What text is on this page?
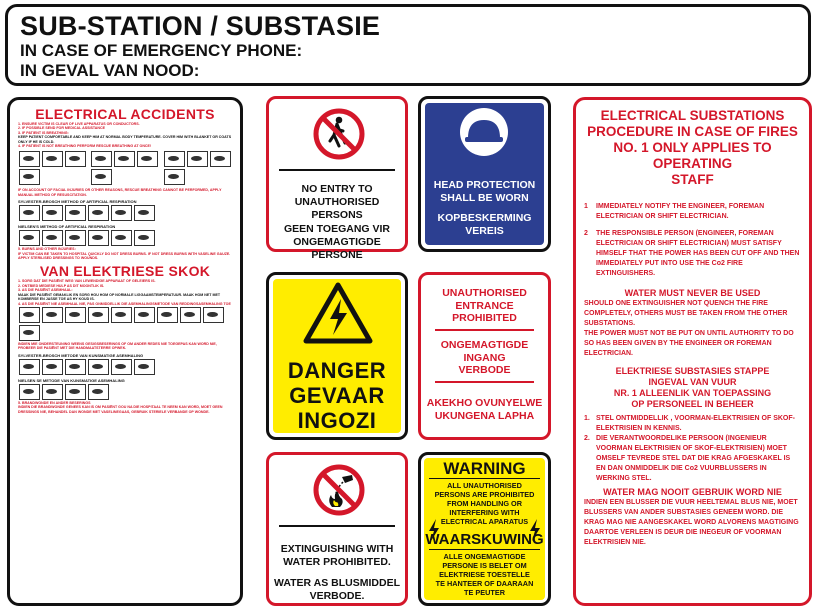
SUB-STATION / SUBSTASIE
IN CASE OF EMERGENCY PHONE:
IN GEVAL VAN NOOD:
ELECTRICAL ACCIDENTS
1. ENSURE VICTIM IS CLEAR OF LIVE APPARATUS OR CONDUCTORS.
2. IF POSSIBLE SEND FOR MEDICAL ASSISTANCE
3. IF PATIENT IS BREATHING:
KEEP PATIENT COMFORTABLE AND KEEP HIM AT NORMAL BODY TEMPERATURE. COVER HIM WITH BLANKET OR COATS ONLY IF HE IS COLD.
4. IF PATIENT IS NOT BREATHING PERFORM RESCUE BREATHING AT ONCE!
IF ON ACCOUNT OF FACIAL INJURIES OR OTHER REASONS, RESCUE BREATHING CANNOT BE PERFORMED, APPLY MANUAL METHOD OF RESUSCITATION.
SYLVESTER-BROSCH METHOD OF ARTIFICIAL RESPIRATION
NIELSEN'S METHOD OF ARTIFICIAL RESPIRATION
5. BURNS AND OTHER INJURIES:
IF VICTIM CAN BE TAKEN TO HOSPITAL QUICKLY DO NOT DRESS BURNS. IF NOT DRESS BURNS WITH VASELINE GAUZE. APPLY STERILISED DRESSINGS TO WOUNDS.
VAN ELEKTRIESE SKOK
1. SORG DAT DIE PASIËNT WEG VAN LEWENDIGE APPARAAT OF GELEIERS IS.
2. ONTBIED MEDIESE HULP AS DIT MOONTLIK IS.
3. AS DIE PASIËNT ASEMHAAL:
MAAK DIE PASIËNT GEMAKLIK EN SORG HOU HOM OP NORMALE LIGGAAMSTEMPERATUUR. MAAK HOM NET MET KOMBERSE EN JASSE TOE AS HY KOUD IS.
4. AS DIE PASIËNT NIE ASEMHAAL NIE, PAS ONMIDDELLIK DIE ASEMHALINGSMETODE VAN REDDINGSASEMHALING TOE
INDIEN MIE ONDERSTEUNING WEENS GESIGSBESERINGS OF OM ANDER REDES NIE TOEGEPAS KAN WORD NIE, PROBEER DIE PASIËNT MET DIE HANDMAATSTERRE OPWEK.
SYLVESTER-BROSCH METODE VAN KUNSMATIGE ASEMHALING
NIELSEN SE METODE VAN KUNSMATIGE ASEMHALING
5. BRANDWONDE EN ANDER BESERINGS
INDIEN DIE BRANDWONDE GENEES KAN IS OM PASIËNT GOU NA DIE HOSPITAAL TE NEEM KAN WORD, MOET GEEN DRESSINGS NIE, BEHANDEL DAN WONDE MET VASELINEGAAS, GEBRUIK STERIELE VERBANDE OP WONDE.
NO ENTRY TO
UNAUTHORISED
PERSONS
GEEN TOEGANG VIR
ONGEMAGTIGDE PERSONE
HEAD PROTECTION
SHALL BE WORN
KOPBESKERMING
VEREIS
DANGER
GEVAAR
INGOZI
UNAUTHORISED
ENTRANCE
PROHIBITED
ONGEMAGTIGDE
INGANG
VERBODE
AKEKHO OVUNYELWE
UKUNGENA LAPHA
EXTINGUISHING WITH
WATER PROHIBITED.
WATER AS BLUSMIDDEL
VERBODE.
WARNING
ALL UNAUTHORISED
PERSONS ARE PROHIBITED
FROM HANDLING OR
INTERFERING WITH
ELECTRICAL APARATUS
WAARSKUWING
ALLE ONGEMAGTIGDE
PERSONE IS BELET OM
ELEKTRIESE TOESTELLE
TE HANTEER OF DAARAAN
TE PEUTER
ELECTRICAL SUBSTATIONS
PROCEDURE IN CASE OF FIRES
NO. 1 ONLY APPLIES TO OPERATING
STAFF
1	IMMEDIATELY NOTIFY THE ENGINEER, FOREMAN ELECTRICIAN OR SHIFT ELECTRICIAN.
2	THE RESPONSIBLE PERSON (ENGINEER, FOREMAN ELECTRICIAN OR SHIFT ELECTRICIAN) MUST SATISFY HIMSELF THAT THE POWER HAS BEEN CUT OFF AND THEN IMMEDIATELY PUT INTO USE THE Co2 FIRE EXTINGUISHERS.
WATER MUST NEVER BE USED
SHOULD ONE EXTINGUISHER NOT QUENCH THE FIRE COMPLETELY, OTHERS MUST BE TAKEN FROM THE OTHER SUBSTATIONS.
THE POWER MUST NOT BE PUT ON UNTIL AUTHORITY TO DO SO HAS BEEN GIVEN BY THE ENGINEER OR FOREMAN ELECTRICIAN.
ELEKTRIESE SUBSTASIES STAPPE
INGEVAL VAN VUUR
NR. 1 ALLEENLIK VAN TOEPASSING
OP PERSONEEL IN BEHEER
1. STEL ONTMIDDELLIK , VOORMAN-ELEKTRISIEN OF SKOF-ELEKTRISIEN IN KENNIS.
2. DIE VERANTWOORDELIKE PERSOON (INGENIEUR VOORMAN ELEKTRISIEN OF SKOF-ELEKTRISIEN) MOET OMSELF TEVREDE STEL DAT DIE KRAG AFGESKAKEL IS EN DAN ONMIDDELIK DIE Co2 VUURBLUSSERS IN WERKING STEL.
WATER MAG NOOIT GEBRUIK WORD NIE
INDIEN EEN BLUSSER DIE VUUR HEELTEMAL BLUS NIE, MOET BLUSSERS VAN ANDER SUBSTASIES GENEEM WORD. DIE KRAG MAG NIE AANGESKAKEL WORD ALVORENS MAGTIGING DAARTOE VERLEEN IS DEUR DIE INEGEUR OF VOORMAN ELEKTRISIEN NIE.
